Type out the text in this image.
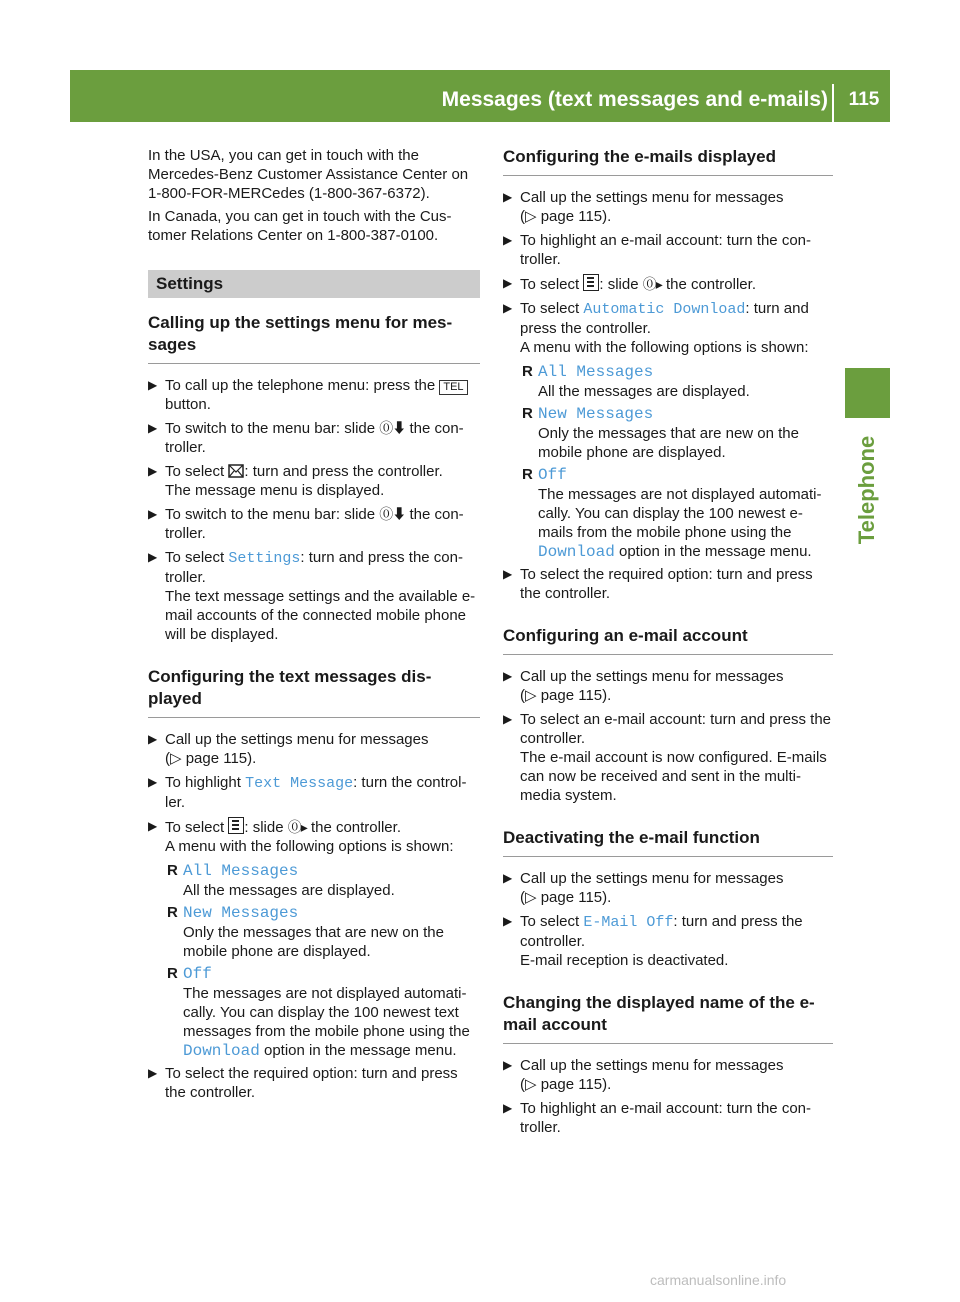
Messages (text messages and e-mails)	115
Telephone

In the USA, you can get in touch with the Mercedes-Benz Customer Assistance Center on 1-800-FOR-MERCedes (1-800-367-6372).

In Canada, you can get in touch with the Cus-tomer Relations Center on 1-800-387-0100.

Settings
Calling up the settings menu for mes-sages
▶ To call up the telephone menu: press the TEL button.
▶ To switch to the menu bar: slide ⓪⬇ the con-troller.
▶ To select : turn and press the controller.
The message menu is displayed.
▶ To switch to the menu bar: slide ⓪⬇ the con-troller.
▶ To select Settings: turn and press the con-troller.
The text message settings and the available e-mail accounts of the connected mobile phone will be displayed.
Configuring the text messages dis-played
▶ Call up the settings menu for messages
(▷ page 115).
▶ To highlight Text Message: turn the control-ler.
▶ To select : slide ⓪▸ the controller.
A menu with the following options is shown:
R All Messages
All the messages are displayed.
R New Messages
Only the messages that are new on the mobile phone are displayed.
R Off
The messages are not displayed automati-cally. You can display the 100 newest text messages from the mobile phone using the Download option in the message menu.
▶ To select the required option: turn and press the controller.
Configuring the e-mails displayed
▶ Call up the settings menu for messages
(▷ page 115).
▶ To highlight an e-mail account: turn the con-troller.
▶ To select : slide ⓪▸ the controller.
▶ To select Automatic Download: turn and press the controller.
A menu with the following options is shown:
R All Messages
All the messages are displayed.
R New Messages
Only the messages that are new on the mobile phone are displayed.
R Off
The messages are not displayed automati-cally. You can display the 100 newest e-mails from the mobile phone using the Download option in the message menu.
▶ To select the required option: turn and press the controller.
Configuring an e-mail account
▶ Call up the settings menu for messages
(▷ page 115).
▶ To select an e-mail account: turn and press the controller.
The e-mail account is now configured. E-mails can now be received and sent in the multi-media system.
Deactivating the e-mail function
▶ Call up the settings menu for messages
(▷ page 115).
▶ To select E-Mail Off: turn and press the controller.
E-mail reception is deactivated.
Changing the displayed name of the e-mail account
▶ Call up the settings menu for messages
(▷ page 115).
▶ To highlight an e-mail account: turn the con-troller.
carmanualsonline.info
